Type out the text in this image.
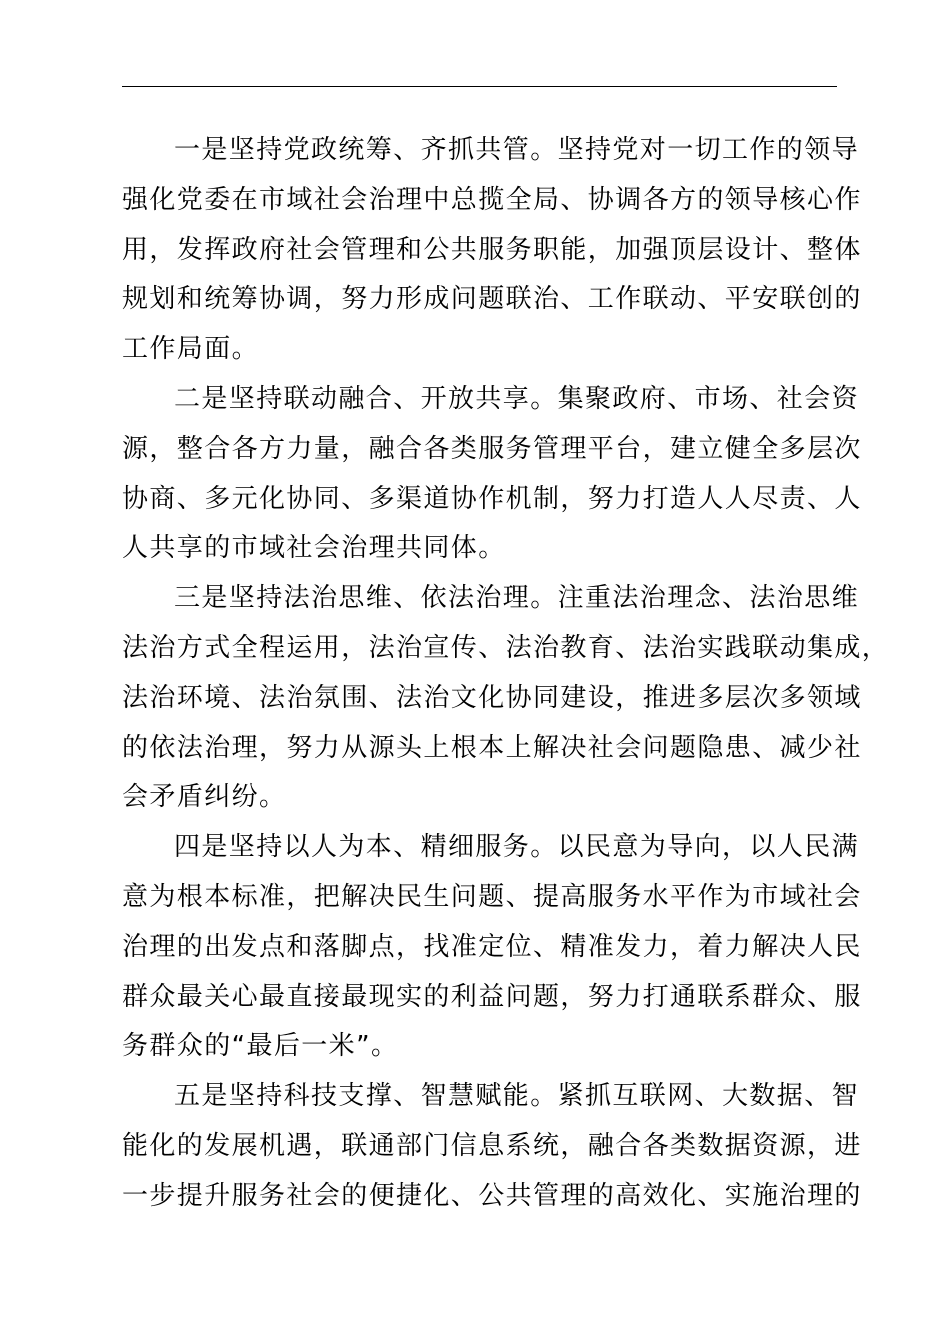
一是坚持党政统筹、齐抓共管。坚持党对一切工作的领导
强化党委在市域社会治理中总揽全局、协调各方的领导核心作
用，发挥政府社会管理和公共服务职能，加强顶层设计、整体
规划和统筹协调，努力形成问题联治、工作联动、平安联创的
工作局面。

二是坚持联动融合、开放共享。集聚政府、市场、社会资
源，整合各方力量，融合各类服务管理平台，建立健全多层次
协商、多元化协同、多渠道协作机制，努力打造人人尽责、人
人共享的市域社会治理共同体。

三是坚持法治思维、依法治理。注重法治理念、法治思维
法治方式全程运用，法治宣传、法治教育、法治实践联动集成，
法治环境、法治氛围、法治文化协同建设，推进多层次多领域
的依法治理，努力从源头上根本上解决社会问题隐患、减少社
会矛盾纠纷。

四是坚持以人为本、精细服务。以民意为导向，以人民满
意为根本标准，把解决民生问题、提高服务水平作为市域社会
治理的出发点和落脚点，找准定位、精准发力，着力解决人民
群众最关心最直接最现实的利益问题，努力打通联系群众、服
务群众的“最后一米”。

五是坚持科技支撑、智慧赋能。紧抓互联网、大数据、智
能化的发展机遇，联通部门信息系统，融合各类数据资源，进
一步提升服务社会的便捷化、公共管理的高效化、实施治理的
